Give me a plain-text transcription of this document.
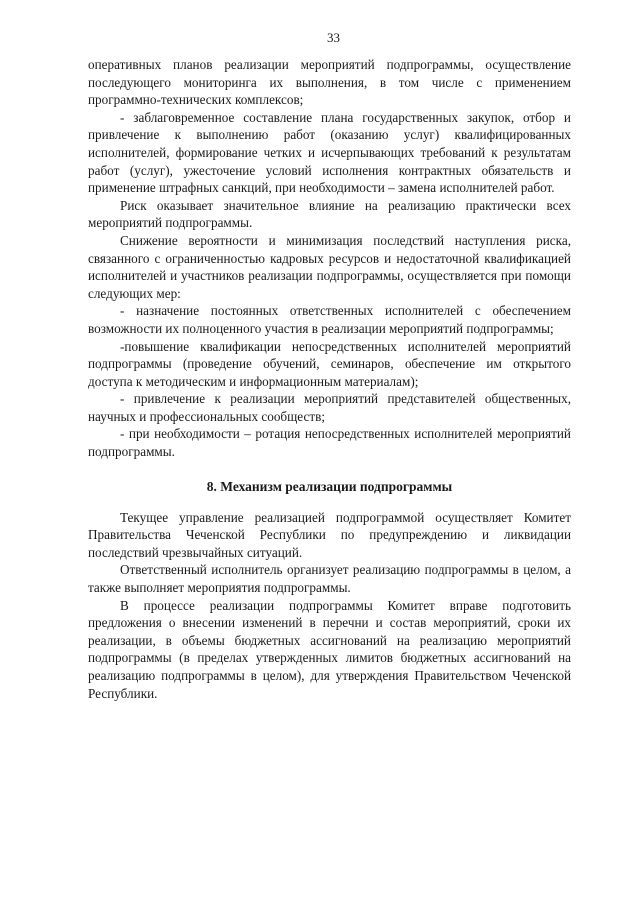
33

оперативных планов реализации мероприятий подпрограммы, осуществление последующего мониторинга их выполнения, в том числе с применением программно-технических комплексов;

- заблаговременное составление плана государственных закупок, отбор и привлечение к выполнению работ (оказанию услуг) квалифицированных исполнителей, формирование четких и исчерпывающих требований к результатам работ (услуг), ужесточение условий исполнения контрактных обязательств и применение штрафных санкций, при необходимости – замена исполнителей работ.

Риск оказывает значительное влияние на реализацию практически всех мероприятий подпрограммы.

Снижение вероятности и минимизация последствий наступления риска, связанного с ограниченностью кадровых ресурсов и недостаточной квалификацией исполнителей и участников реализации подпрограммы, осуществляется при помощи следующих мер:

- назначение постоянных ответственных исполнителей с обеспечением возможности их полноценного участия в реализации мероприятий подпрограммы;

-повышение квалификации непосредственных исполнителей мероприятий подпрограммы (проведение обучений, семинаров, обеспечение им открытого доступа к методическим и информационным материалам);

- привлечение к реализации мероприятий представителей общественных, научных и профессиональных сообществ;

- при необходимости – ротация непосредственных исполнителей мероприятий подпрограммы.

8. Механизм реализации подпрограммы

Текущее управление реализацией подпрограммой осуществляет Комитет Правительства Чеченской Республики по предупреждению и ликвидации последствий чрезвычайных ситуаций.

Ответственный исполнитель организует реализацию подпрограммы в целом, а также выполняет мероприятия подпрограммы.

В процессе реализации подпрограммы Комитет вправе подготовить предложения о внесении изменений в перечни и состав мероприятий, сроки их реализации, в объемы бюджетных ассигнований на реализацию мероприятий подпрограммы (в пределах утвержденных лимитов бюджетных ассигнований на реализацию подпрограммы в целом), для утверждения Правительством Чеченской Республики.
